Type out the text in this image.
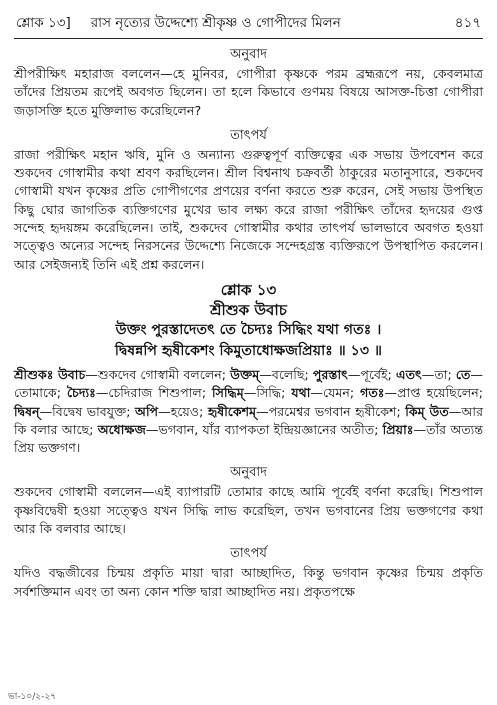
শ্লোক ১৩] রাস নৃত্যের উদ্দেশ্যে শ্রীকৃষ্ণ ও গোপীদের মিলন	৪১৭
অনুবাদ

শ্রীপরীক্ষিৎ মহারাজ বললেন—হে মুনিবর, গোপীরা কৃষ্ণকে পরম ব্রহ্মরূপে নয়, কেবলমাত্র তাঁদের প্রিয়তম রূপেই অবগত ছিলেন। তা হলে কিভাবে গুণময় বিষয়ে আসক্ত-চিত্তা গোপীরা জড়াসক্তি হতে মুক্তিলাভ করেছিলেন?

তাৎপর্য

রাজা পরীক্ষিৎ মহান ঋষি, মুনি ও অন্যান্য গুরুত্বপূর্ণ ব্যক্তিত্বের এক সভায় উপবেশন করে শুকদেব গোস্বামীর কথা শ্রবণ করছিলেন। শ্রীল বিশ্বনাথ চক্রবর্তী ঠাকুরের মতানুসারে, শুকদেব গোস্বামী যখন কৃষ্ণের প্রতি গোপীগণের প্রণয়ের বর্ণনা করতে শুরু করেন, সেই সভায় উপস্থিত কিছু ঘোর জাগতিক ব্যক্তিগণের মুখের ভাব লক্ষ্য করে রাজা পরীক্ষিৎ তাঁদের হৃদয়ের গুপ্ত সন্দেহ হৃদয়ঙ্গম করেছিলেন। তাই, শুকদেব গোস্বামীর কথার তাৎপর্য ভালভাবে অবগত হওয়া সত্ত্বেও অন্যের সন্দেহ নিরসনের উদ্দেশ্যে নিজেকে সন্দেহগ্রস্ত ব্যক্তিরূপে উপস্থাপিত করলেন। আর সেইজন্যই তিনি এই প্রশ্ন করলেন।

শ্লোক ১৩
শ্রীশুক উবাচ
উক্তং পুরস্তাদেতৎ তে চৈদ্যঃ সিদ্ধিং যথা গতঃ ।
দ্বিষন্নপি হৃষীকেশং কিমুতাধোক্ষজপ্রিয়াঃ ॥ ১৩ ॥

শ্রীশুকঃ উবাচ—শুকদেব গোস্বামী বললেন; উক্তম্—বলেছি; পুরস্তাৎ—পূর্বেই; এতৎ—তা; তে—তোমাকে; চৈদ্যঃ—চেদিরাজ শিশুপাল; সিদ্ধিম্—সিদ্ধি; যথা—যেমন; গতঃ—প্রাপ্ত হয়েছিলেন; দ্বিষন্—বিদ্বেষ ভাবযুক্ত; অপি—হয়েও; হৃষীকেশম্—পরমেশ্বর ভগবান হৃষীকেশ; কিম্ উত—আর কি বলার আছে; অধোক্ষজ—ভগবান, যাঁর ব্যাপকতা ইন্দ্রিয়জ্ঞানের অতীত; প্রিয়াঃ—তাঁর অত্যন্ত প্রিয় ভক্তগণ।

অনুবাদ

শুকদেব গোস্বামী বললেন—এই ব্যাপারটি তোমার কাছে আমি পূর্বেই বর্ণনা করেছি। শিশুপাল কৃষ্ণবিদ্বেষী হওয়া সত্ত্বেও যখন সিদ্ধি লাভ করেছিল, তখন ভগবানের প্রিয় ভক্তগণের কথা আর কি বলবার আছে।

তাৎপর্য

যদিও বদ্ধজীবের চিন্ময় প্রকৃতি মায়া দ্বারা আচ্ছাদিত, কিন্তু ভগবান কৃষ্ণের চিন্ময় প্রকৃতি সর্বশক্তিমান এবং তা অন্য কোন শক্তি দ্বারা আচ্ছাদিত নয়। প্রকৃতপক্ষে

ভা-১০/২-২৭
